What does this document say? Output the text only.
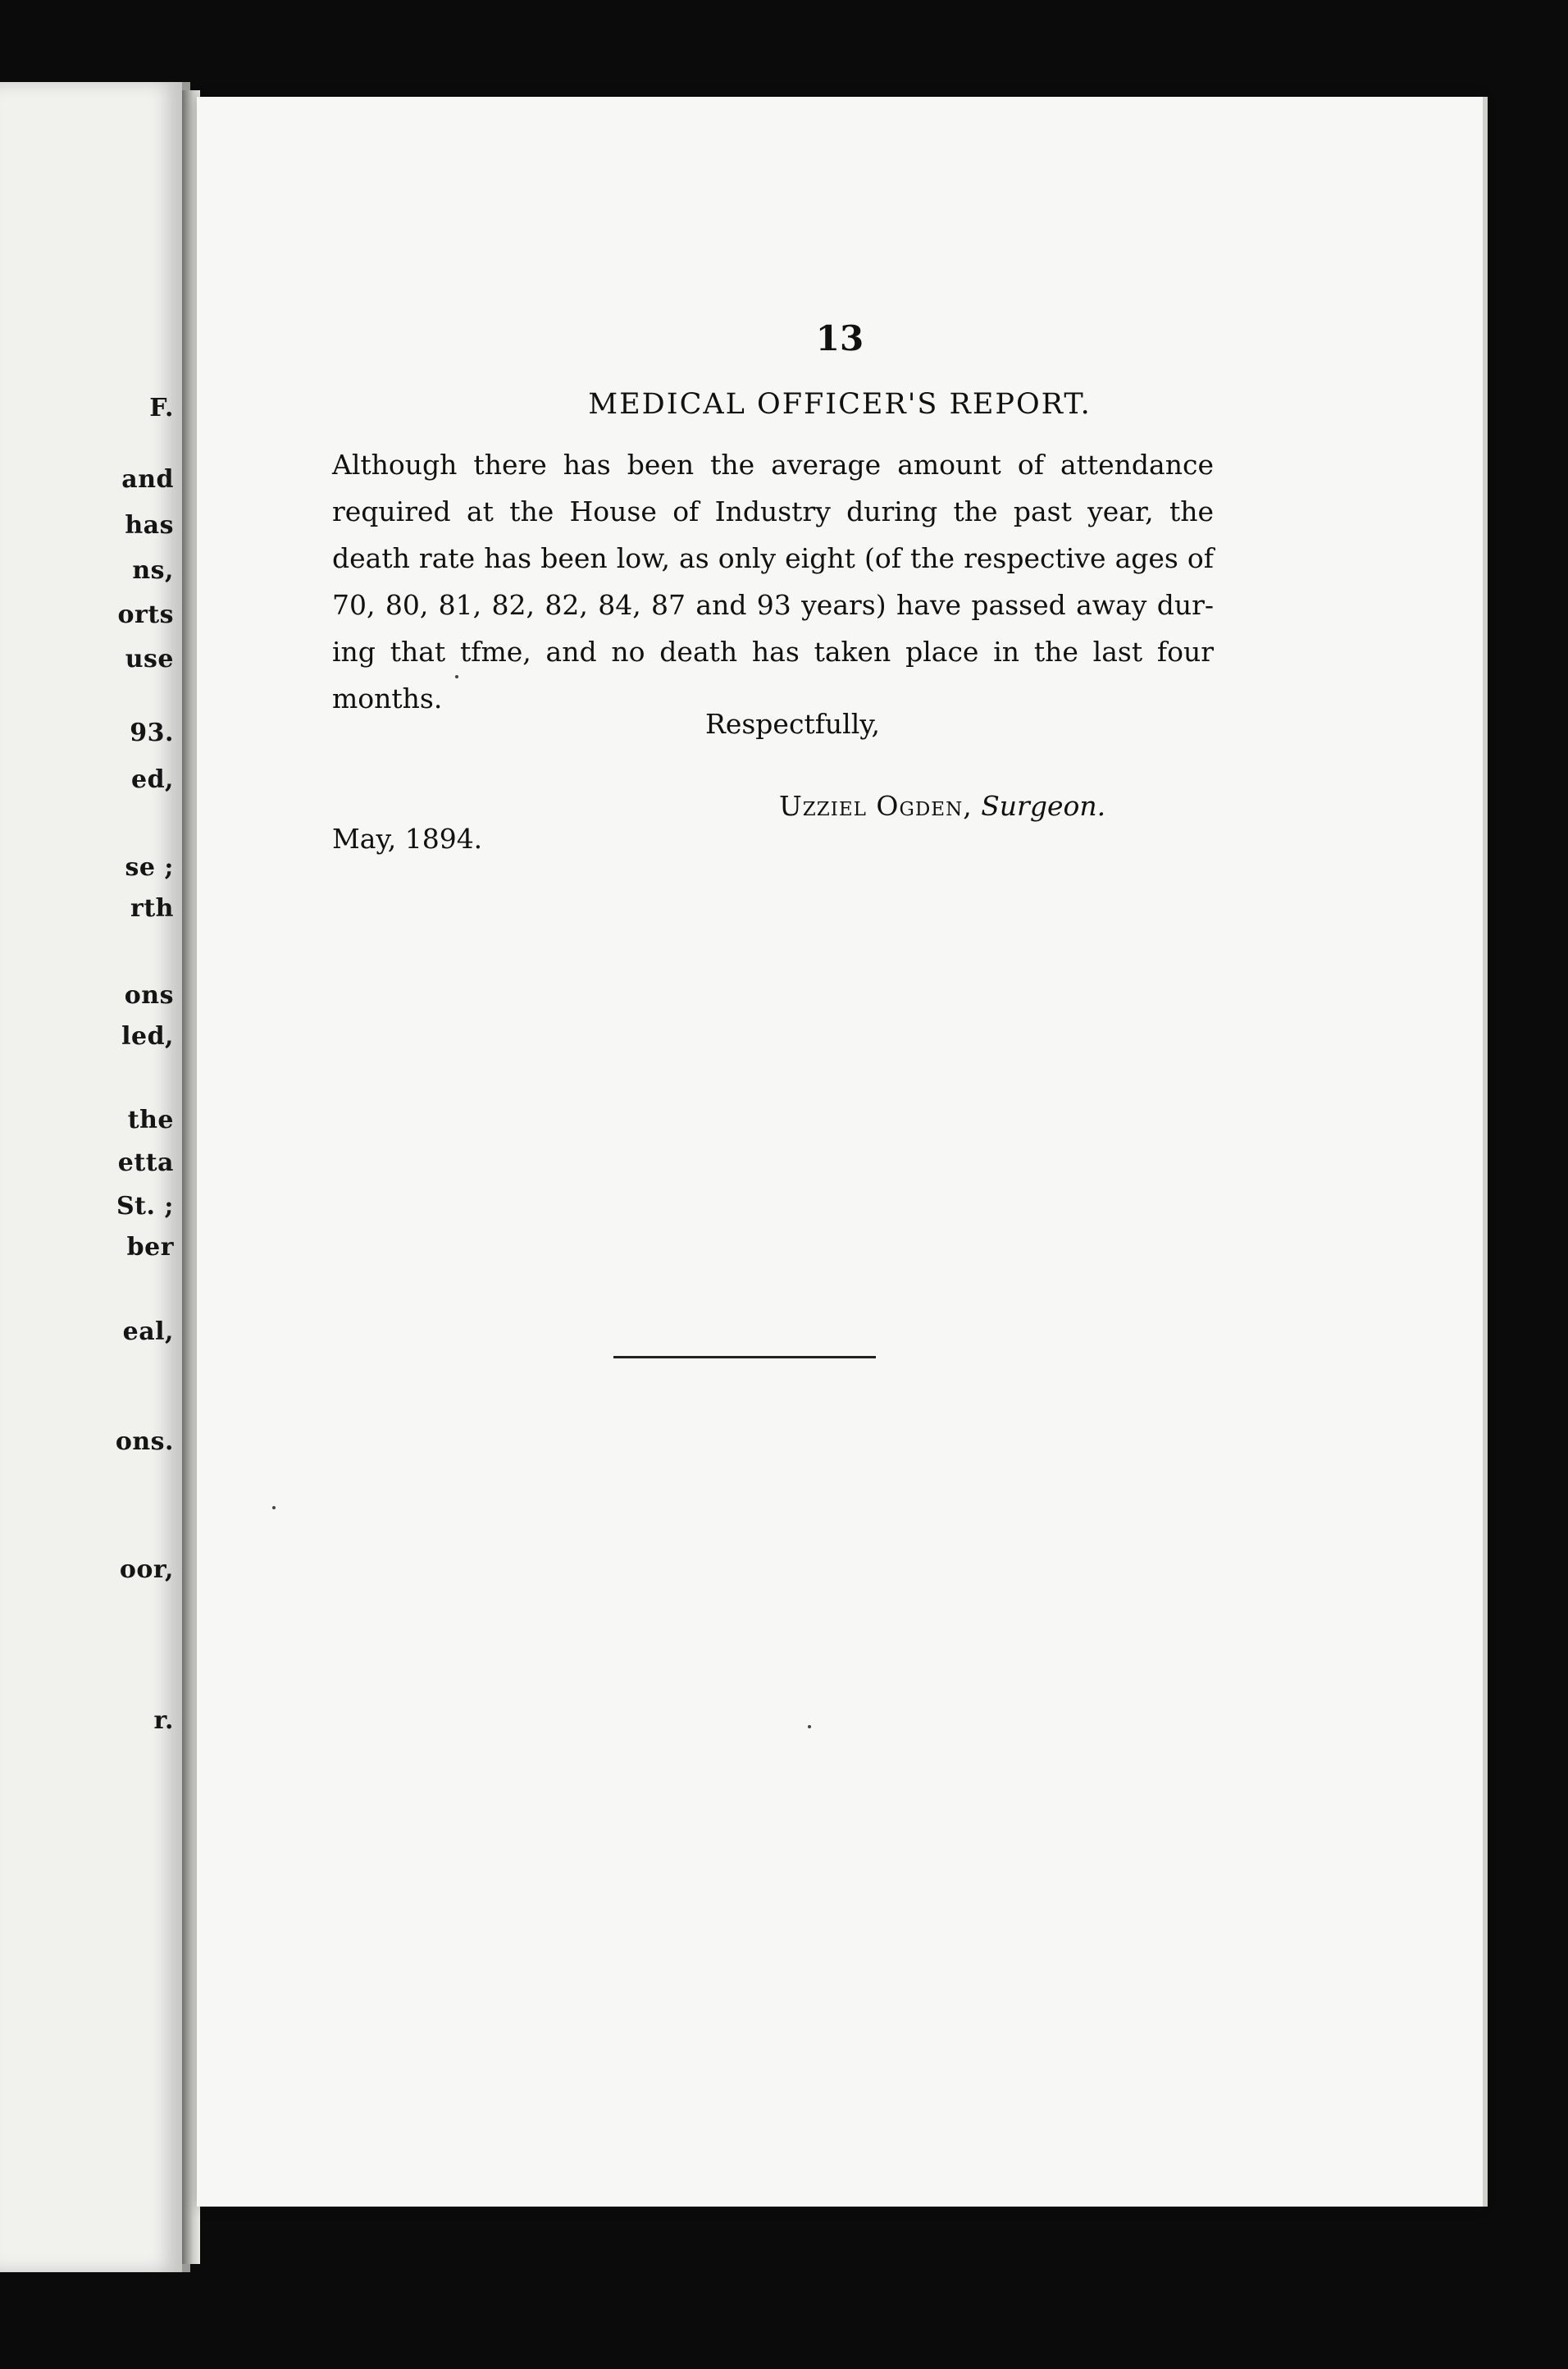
F.
and
has
ns,
orts
use
93.
ed,
se ;
rth
ons
led,
the
etta
St. ;
ber
eal,
ons.
oor,
r.
13
MEDICAL OFFICER'S REPORT.
Although there has been the average amount of attendance
required at the House of Industry during the past year, the
death rate has been low, as only eight (of the respective ages of
70, 80, 81, 82, 82, 84, 87 and 93 years) have passed away dur-
ing that tfme, and no death has taken place in the last four
months.
Respectfully,
Uzziel Ogden, Surgeon.
May, 1894.
